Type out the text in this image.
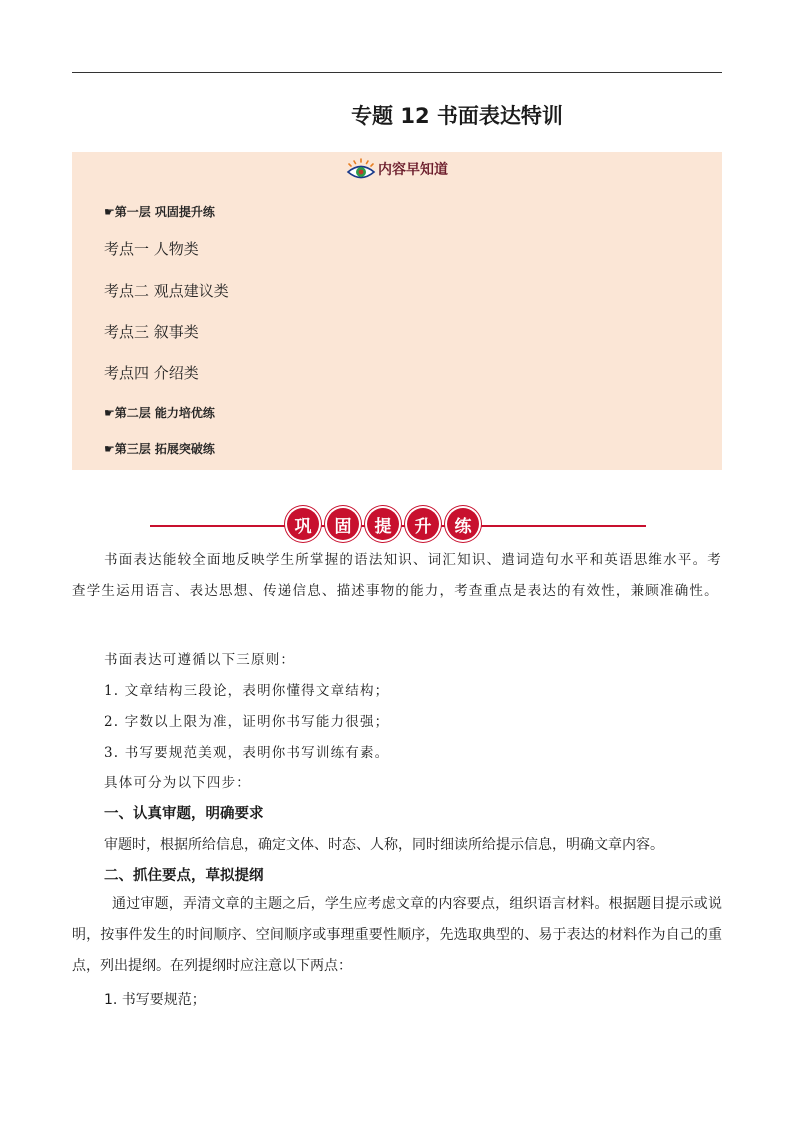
专题 12 书面表达特训
内容早知道
☛第一层 巩固提升练
考点一 人物类
考点二 观点建议类
考点三 叙事类
考点四 介绍类
☛第二层 能力培优练
☛第三层 拓展突破练
巩	固	提	升	练

书面表达能较全面地反映学生所掌握的语法知识、词汇知识、遣词造句水平和英语思维水平。考查学生运用语言、表达思想、传递信息、描述事物的能力，考查重点是表达的有效性，兼顾准确性。

书面表达可遵循以下三原则：
1. 文章结构三段论，表明你懂得文章结构；
2. 字数以上限为准，证明你书写能力很强；
3. 书写要规范美观，表明你书写训练有素。
具体可分为以下四步：
一、认真审题，明确要求
审题时，根据所给信息，确定文体、时态、人称，同时细读所给提示信息，明确文章内容。
二、抓住要点，草拟提纲

通过审题，弄清文章的主题之后，学生应考虑文章的内容要点，组织语言材料。根据题目提示或说明，按事件发生的时间顺序、空间顺序或事理重要性顺序，先选取典型的、易于表达的材料作为自己的重点，列出提纲。在列提纲时应注意以下两点：

1. 书写要规范；
